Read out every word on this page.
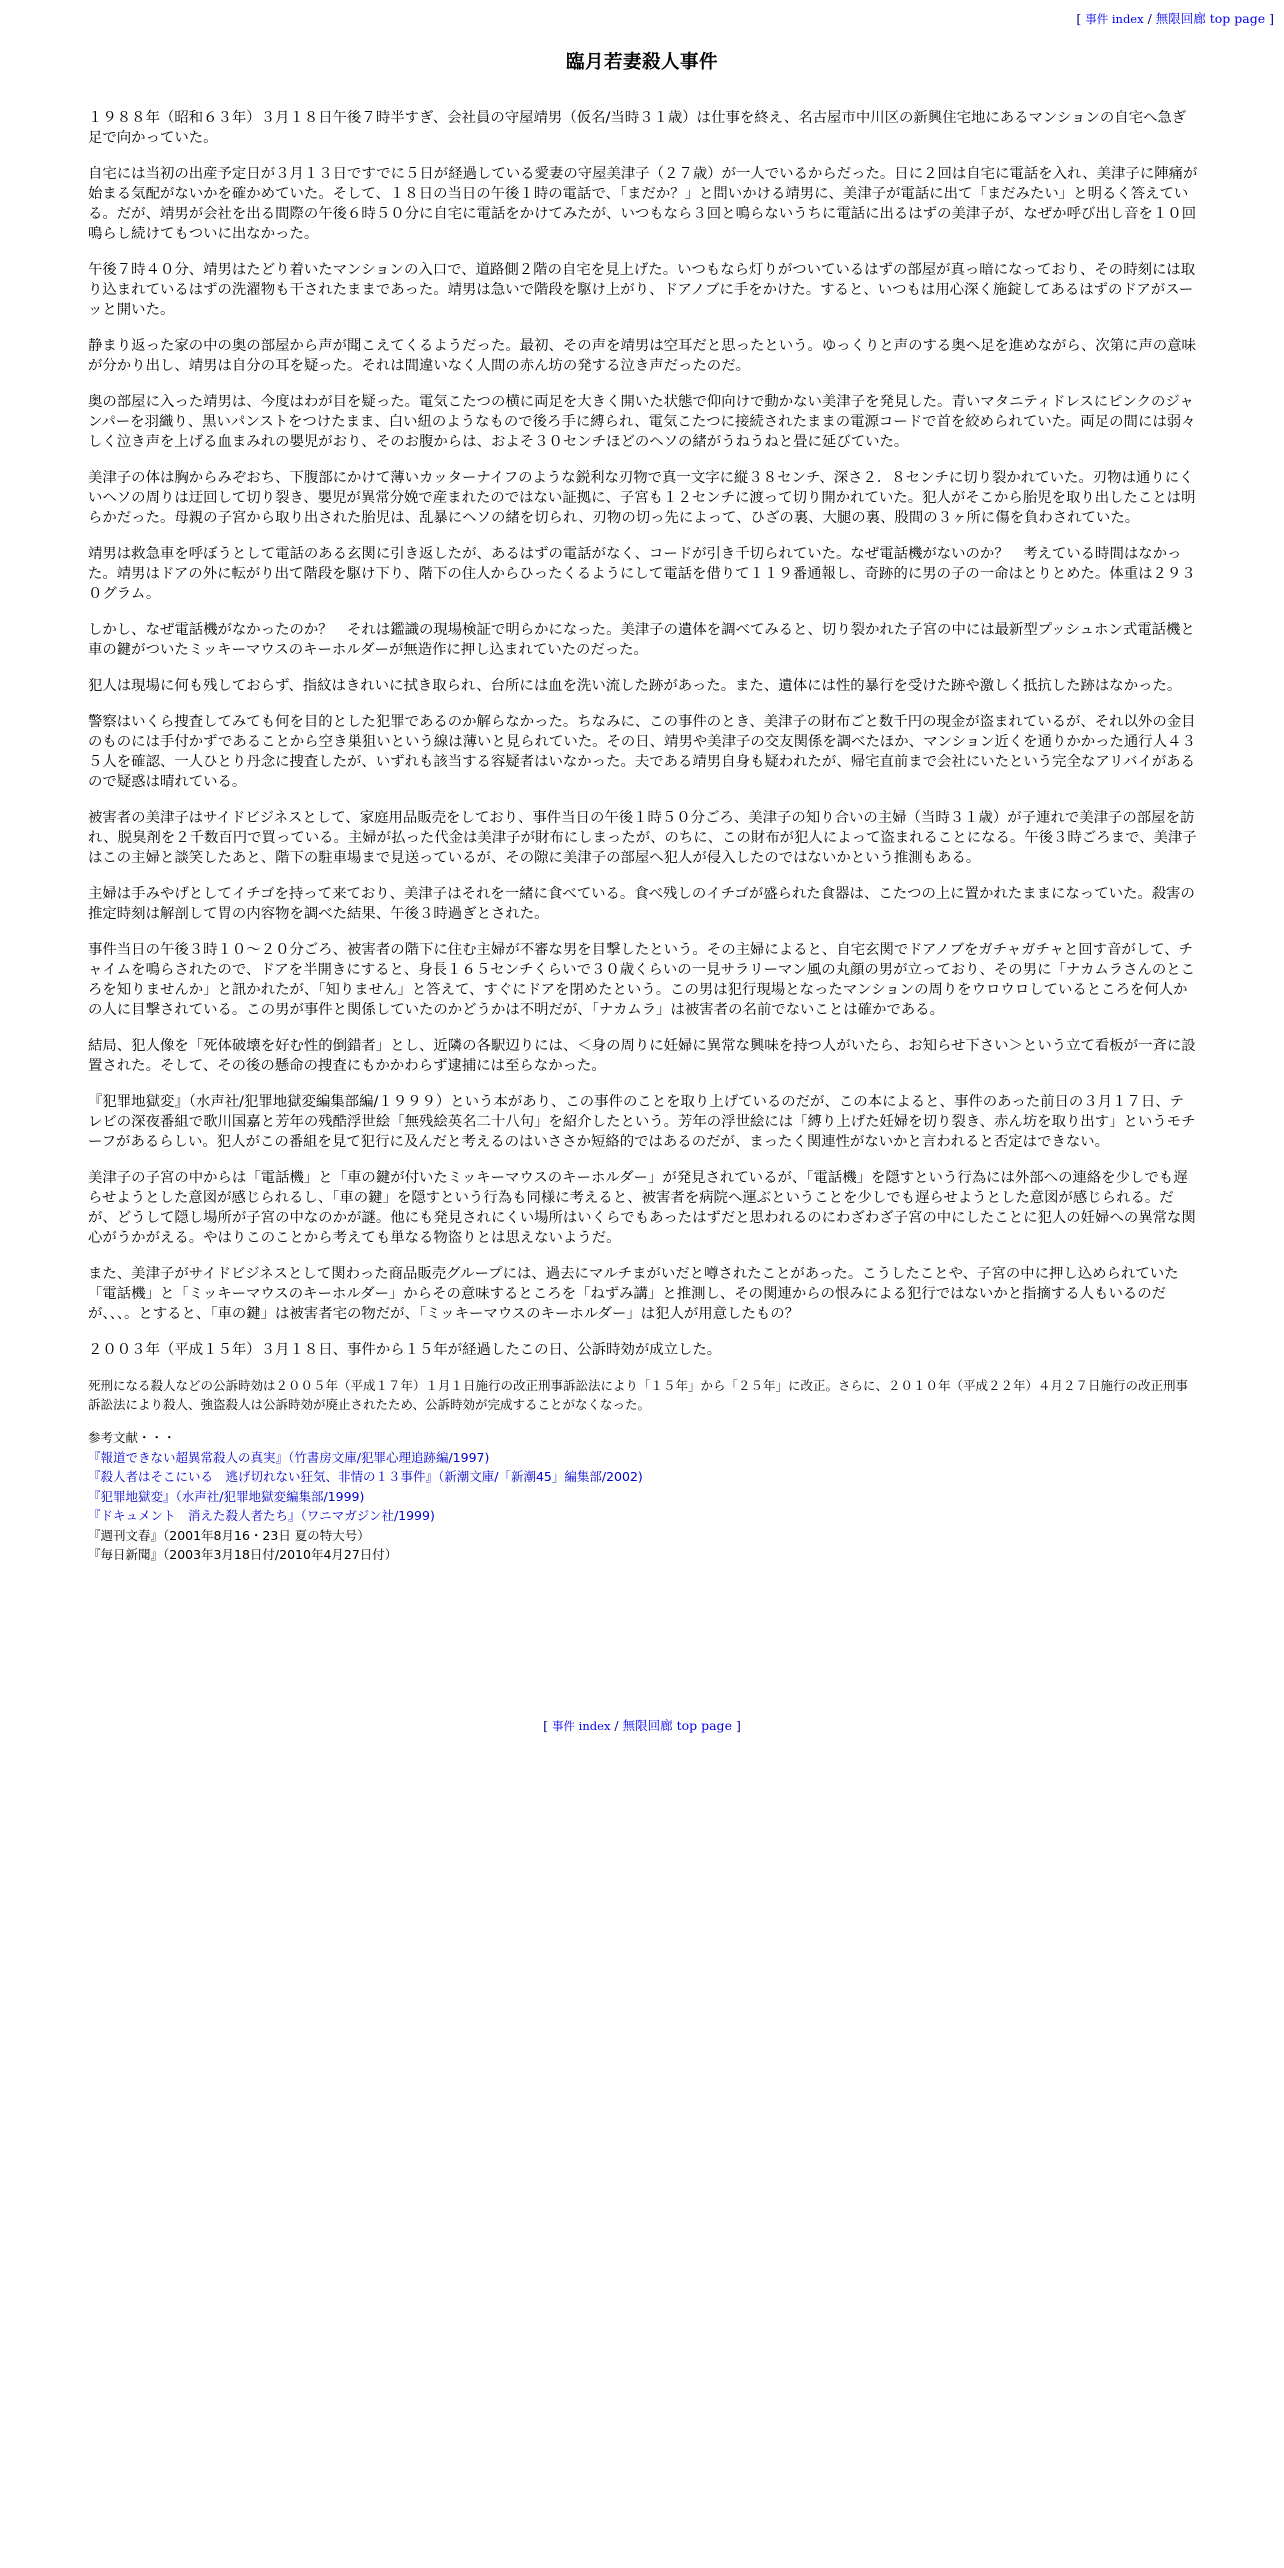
[ 事件 index / 無限回廊 top page ]
臨月若妻殺人事件

１９８８年（昭和６３年）３月１８日午後７時半すぎ、会社員の守屋靖男（仮名/当時３１歳）は仕事を終え、名古屋市中川区の新興住宅地にあるマンションの自宅へ急ぎ足で向かっていた。

自宅には当初の出産予定日が３月１３日ですでに５日が経過している愛妻の守屋美津子（２７歳）が一人でいるからだった。日に２回は自宅に電話を入れ、美津子に陣痛が始まる気配がないかを確かめていた。そして、１８日の当日の午後１時の電話で、「まだか？」と問いかける靖男に、美津子が電話に出て「まだみたい」と明るく答えている。だが、靖男が会社を出る間際の午後６時５０分に自宅に電話をかけてみたが、いつもなら３回と鳴らないうちに電話に出るはずの美津子が、なぜか呼び出し音を１０回鳴らし続けてもついに出なかった。

午後７時４０分、靖男はたどり着いたマンションの入口で、道路側２階の自宅を見上げた。いつもなら灯りがついているはずの部屋が真っ暗になっており、その時刻には取り込まれているはずの洗濯物も干されたままであった。靖男は急いで階段を駆け上がり、ドアノブに手をかけた。すると、いつもは用心深く施錠してあるはずのドアがスーッと開いた。

静まり返った家の中の奥の部屋から声が聞こえてくるようだった。最初、その声を靖男は空耳だと思ったという。ゆっくりと声のする奥へ足を進めながら、次第に声の意味が分かり出し、靖男は自分の耳を疑った。それは間違いなく人間の赤ん坊の発する泣き声だったのだ。

奥の部屋に入った靖男は、今度はわが目を疑った。電気こたつの横に両足を大きく開いた状態で仰向けで動かない美津子を発見した。青いマタニティドレスにピンクのジャンパーを羽織り、黒いパンストをつけたまま、白い紐のようなもので後ろ手に縛られ、電気こたつに接続されたままの電源コードで首を絞められていた。両足の間には弱々しく泣き声を上げる血まみれの嬰児がおり、そのお腹からは、およそ３０センチほどのヘソの緒がうねうねと畳に延びていた。

美津子の体は胸からみぞおち、下腹部にかけて薄いカッターナイフのような鋭利な刃物で真一文字に縦３８センチ、深さ２．８センチに切り裂かれていた。刃物は通りにくいヘソの周りは迂回して切り裂き、嬰児が異常分娩で産まれたのではない証拠に、子宮も１２センチに渡って切り開かれていた。犯人がそこから胎児を取り出したことは明らかだった。母親の子宮から取り出された胎児は、乱暴にヘソの緒を切られ、刃物の切っ先によって、ひざの裏、大腿の裏、股間の３ヶ所に傷を負わされていた。

靖男は救急車を呼ぼうとして電話のある玄関に引き返したが、あるはずの電話がなく、コードが引き千切られていた。なぜ電話機がないのか？　考えている時間はなかった。靖男はドアの外に転がり出て階段を駆け下り、階下の住人からひったくるようにして電話を借りて１１９番通報し、奇跡的に男の子の一命はとりとめた。体重は２９３０グラム。

しかし、なぜ電話機がなかったのか？　それは鑑識の現場検証で明らかになった。美津子の遺体を調べてみると、切り裂かれた子宮の中には最新型プッシュホン式電話機と車の鍵がついたミッキーマウスのキーホルダーが無造作に押し込まれていたのだった。

犯人は現場に何も残しておらず、指紋はきれいに拭き取られ、台所には血を洗い流した跡があった。また、遺体には性的暴行を受けた跡や激しく抵抗した跡はなかった。

警察はいくら捜査してみても何を目的とした犯罪であるのか解らなかった。ちなみに、この事件のとき、美津子の財布ごと数千円の現金が盗まれているが、それ以外の金目のものには手付かずであることから空き巣狙いという線は薄いと見られていた。その日、靖男や美津子の交友関係を調べたほか、マンション近くを通りかかった通行人４３５人を確認、一人ひとり丹念に捜査したが、いずれも該当する容疑者はいなかった。夫である靖男自身も疑われたが、帰宅直前まで会社にいたという完全なアリバイがあるので疑惑は晴れている。

被害者の美津子はサイドビジネスとして、家庭用品販売をしており、事件当日の午後１時５０分ごろ、美津子の知り合いの主婦（当時３１歳）が子連れで美津子の部屋を訪れ、脱臭剤を２千数百円で買っている。主婦が払った代金は美津子が財布にしまったが、のちに、この財布が犯人によって盗まれることになる。午後３時ごろまで、美津子はこの主婦と談笑したあと、階下の駐車場まで見送っているが、その隙に美津子の部屋へ犯人が侵入したのではないかという推測もある。

主婦は手みやげとしてイチゴを持って来ており、美津子はそれを一緒に食べている。食べ残しのイチゴが盛られた食器は、こたつの上に置かれたままになっていた。殺害の推定時刻は解剖して胃の内容物を調べた結果、午後３時過ぎとされた。

事件当日の午後３時１０～２０分ごろ、被害者の階下に住む主婦が不審な男を目撃したという。その主婦によると、自宅玄関でドアノブをガチャガチャと回す音がして、チャイムを鳴らされたので、ドアを半開きにすると、身長１６５センチくらいで３０歳くらいの一見サラリーマン風の丸顔の男が立っており、その男に「ナカムラさんのところを知りませんか」と訊かれたが、「知りません」と答えて、すぐにドアを閉めたという。この男は犯行現場となったマンションの周りをウロウロしているところを何人かの人に目撃されている。この男が事件と関係していたのかどうかは不明だが、「ナカムラ」は被害者の名前でないことは確かである。

結局、犯人像を「死体破壊を好む性的倒錯者」とし、近隣の各駅辺りには、＜身の周りに妊婦に異常な興味を持つ人がいたら、お知らせ下さい＞という立て看板が一斉に設置された。そして、その後の懸命の捜査にもかかわらず逮捕には至らなかった。

『犯罪地獄変』（水声社/犯罪地獄変編集部編/１９９９）という本があり、この事件のことを取り上げているのだが、この本によると、事件のあった前日の３月１７日、テレビの深夜番組で歌川国嘉と芳年の残酷浮世絵「無残絵英名二十八句」を紹介したという。芳年の浮世絵には「縛り上げた妊婦を切り裂き、赤ん坊を取り出す」というモチーフがあるらしい。犯人がこの番組を見て犯行に及んだと考えるのはいささか短絡的ではあるのだが、まったく関連性がないかと言われると否定はできない。

美津子の子宮の中からは「電話機」と「車の鍵が付いたミッキーマウスのキーホルダー」が発見されているが、「電話機」を隠すという行為には外部への連絡を少しでも遅らせようとした意図が感じられるし、「車の鍵」を隠すという行為も同様に考えると、被害者を病院へ運ぶということを少しでも遅らせようとした意図が感じられる。だが、どうして隠し場所が子宮の中なのかが謎。他にも発見されにくい場所はいくらでもあったはずだと思われるのにわざわざ子宮の中にしたことに犯人の妊婦への異常な関心がうかがえる。やはりこのことから考えても単なる物盗りとは思えないようだ。

また、美津子がサイドビジネスとして関わった商品販売グループには、過去にマルチまがいだと噂されたことがあった。こうしたことや、子宮の中に押し込められていた「電話機」と「ミッキーマウスのキーホルダー」からその意味するところを「ねずみ講」と推測し、その関連からの恨みによる犯行ではないかと指摘する人もいるのだが、、、。とすると、「車の鍵」は被害者宅の物だが、「ミッキーマウスのキーホルダー」は犯人が用意したもの？

２００３年（平成１５年）３月１８日、事件から１５年が経過したこの日、公訴時効が成立した。

死刑になる殺人などの公訴時効は２００５年（平成１７年）１月１日施行の改正刑事訴訟法により「１５年」から「２５年」に改正。さらに、２０１０年（平成２２年）４月２７日施行の改正刑事訴訟法により殺人、強盗殺人は公訴時効が廃止されたため、公訴時効が完成することがなくなった。
参考文献・・・
『報道できない超異常殺人の真実』（竹書房文庫/犯罪心理追跡編/1997)
『殺人者はそこにいる　逃げ切れない狂気、非情の１３事件』（新潮文庫/「新潮45」編集部/2002)
『犯罪地獄変』（水声社/犯罪地獄変編集部/1999)
『ドキュメント　消えた殺人者たち』（ワニマガジン社/1999)
『週刊文春』（2001年8月16・23日 夏の特大号）
『毎日新聞』（2003年3月18日付/2010年4月27日付）
[ 事件 index / 無限回廊 top page ]
